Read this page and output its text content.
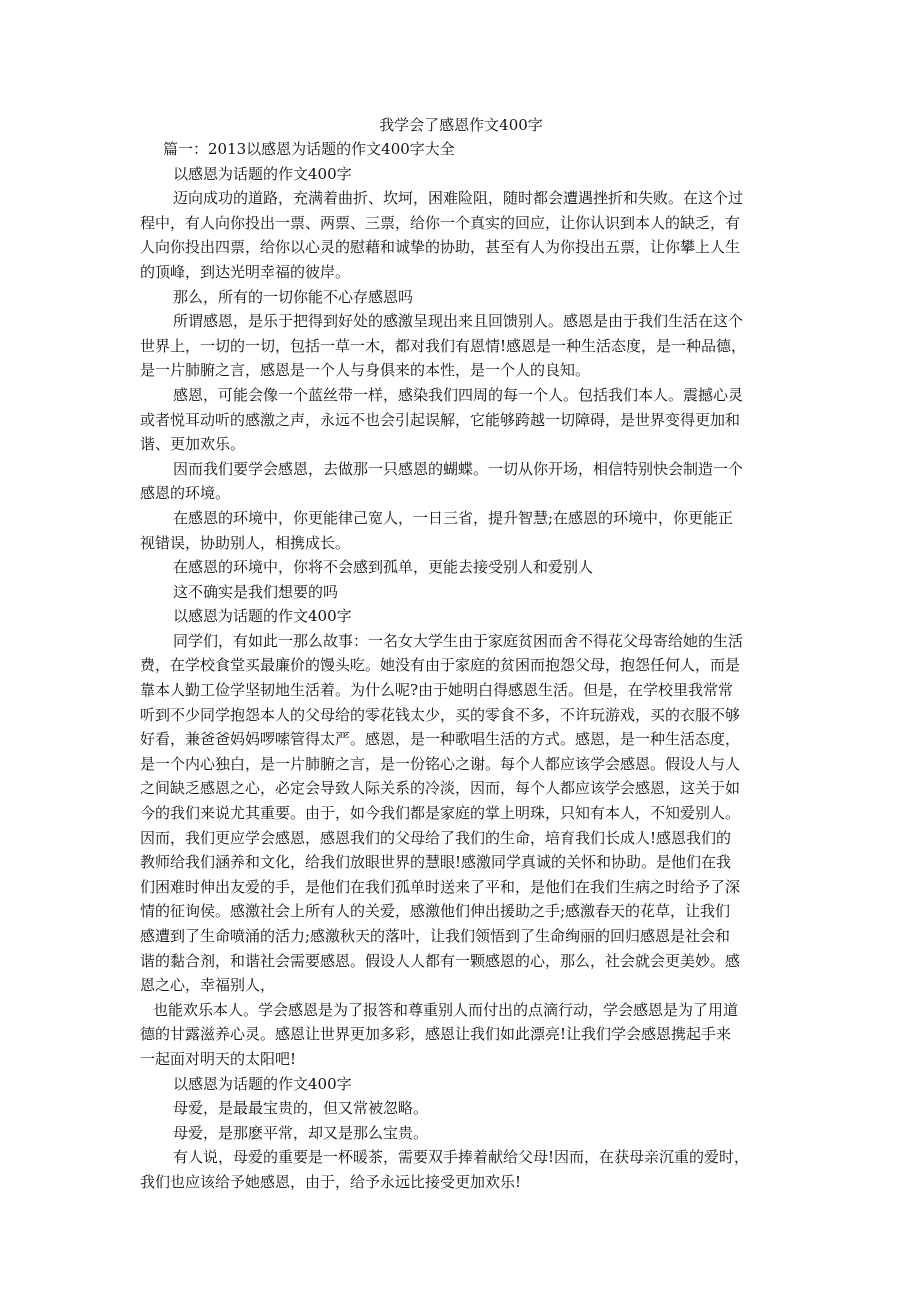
我学会了感恩作文400字

篇一：2013以感恩为话题的作文400字大全

以感恩为话题的作文400字

迈向成功的道路，充满着曲折、坎坷，困难险阻，随时都会遭遇挫折和失败。在这个过

程中，有人向你投出一票、两票、三票，给你一个真实的回应，让你认识到本人的缺乏，有

人向你投出四票，给你以心灵的慰藉和诚挚的协助，甚至有人为你投出五票，让你攀上人生

的顶峰，到达光明幸福的彼岸。

那么，所有的一切你能不心存感恩吗

所谓感恩，是乐于把得到好处的感激呈现出来且回馈别人。感恩是由于我们生活在这个

世界上，一切的一切，包括一草一木，都对我们有恩情!感恩是一种生活态度，是一种品德，

是一片肺腑之言，感恩是一个人与身俱来的本性，是一个人的良知。

感恩，可能会像一个蓝丝带一样，感染我们四周的每一个人。包括我们本人。震撼心灵

或者悦耳动听的感激之声，永远不也会引起误解，它能够跨越一切障碍，是世界变得更加和

谐、更加欢乐。

因而我们要学会感恩，去做那一只感恩的蝴蝶。一切从你开场，相信特别快会制造一个

感恩的环境。

在感恩的环境中，你更能律己宽人，一日三省，提升智慧;在感恩的环境中，你更能正

视错误，协助别人，相携成长。

在感恩的环境中，你将不会感到孤单，更能去接受别人和爱别人

这不确实是我们想要的吗

以感恩为话题的作文400字

同学们，有如此一那么故事：一名女大学生由于家庭贫困而舍不得花父母寄给她的生活

费，在学校食堂买最廉价的馒头吃。她没有由于家庭的贫困而抱怨父母，抱怨任何人，而是

靠本人勤工俭学坚韧地生活着。为什么呢?由于她明白得感恩生活。但是，在学校里我常常

听到不少同学抱怨本人的父母给的零花钱太少，买的零食不多，不许玩游戏，买的衣服不够

好看，兼爸爸妈妈啰嗦管得太严。感恩，是一种歌唱生活的方式。感恩，是一种生活态度，

是一个内心独白，是一片肺腑之言，是一份铭心之谢。每个人都应该学会感恩。假设人与人

之间缺乏感恩之心，必定会导致人际关系的冷淡，因而，每个人都应该学会感恩，这关于如

今的我们来说尤其重要。由于，如今我们都是家庭的掌上明珠，只知有本人，不知爱别人。

因而，我们更应学会感恩，感恩我们的父母给了我们的生命，培育我们长成人!感恩我们的

教师给我们涵养和文化，给我们放眼世界的慧眼!感激同学真诚的关怀和协助。是他们在我

们困难时伸出友爱的手，是他们在我们孤单时送来了平和，是他们在我们生病之时给予了深

情的征询侯。感激社会上所有人的关爱，感激他们伸出援助之手;感激春天的花草，让我们

感遭到了生命喷涌的活力;感激秋天的落叶，让我们领悟到了生命绚丽的回归感恩是社会和

谐的黏合剂，和谐社会需要感恩。假设人人都有一颗感恩的心，那么，社会就会更美妙。感

恩之心，幸福别人，

也能欢乐本人。学会感恩是为了报答和尊重别人而付出的点滴行动，学会感恩是为了用道

德的甘露滋养心灵。感恩让世界更加多彩，感恩让我们如此漂亮!让我们学会感恩携起手来

一起面对明天的太阳吧!

以感恩为话题的作文400字

母爱，是最最宝贵的，但又常被忽略。

母爱，是那麽平常，却又是那么宝贵。

有人说，母爱的重要是一杯暖茶，需要双手捧着献给父母!因而，在获母亲沉重的爱时，

我们也应该给予她感恩，由于，给予永远比接受更加欢乐!
